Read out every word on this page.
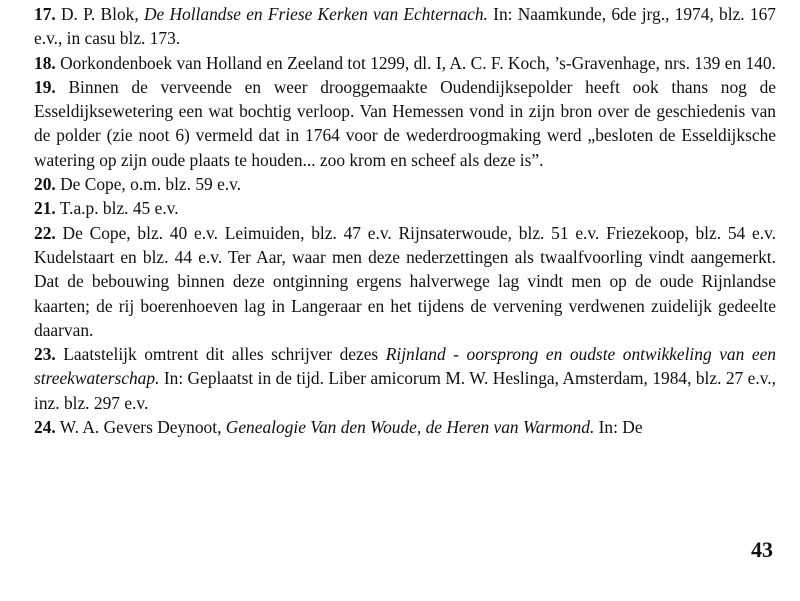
17. D. P. Blok, De Hollandse en Friese Kerken van Echternach. In: Naamkunde, 6de jrg., 1974, blz. 167 e.v., in casu blz. 173.

18. Oorkondenboek van Holland en Zeeland tot 1299, dl. I, A. C. F. Koch, ’s-Gravenhage, nrs. 139 en 140.

19. Binnen de verveende en weer drooggemaakte Oudendijksepolder heeft ook thans nog de Esseldijksewetering een wat bochtig verloop. Van Hemessen vond in zijn bron over de geschiedenis van de polder (zie noot 6) vermeld dat in 1764 voor de wederdroogmaking werd „besloten de Esseldijksche watering op zijn oude plaats te houden... zoo krom en scheef als deze is”.

20. De Cope, o.m. blz. 59 e.v.

21. T.a.p. blz. 45 e.v.

22. De Cope, blz. 40 e.v. Leimuiden, blz. 47 e.v. Rijnsaterwoude, blz. 51 e.v. Friezekoop, blz. 54 e.v. Kudelstaart en blz. 44 e.v. Ter Aar, waar men deze nederzettingen als twaalfvoorling vindt aangemerkt. Dat de bebouwing binnen deze ontginning ergens halverwege lag vindt men op de oude Rijnlandse kaarten; de rij boerenhoeven lag in Langeraar en het tijdens de vervening verdwenen zuidelijk gedeelte daarvan.

23. Laatstelijk omtrent dit alles schrijver dezes Rijnland - oorsprong en oudste ontwikkeling van een streekwaterschap. In: Geplaatst in de tijd. Liber amicorum M. W. Heslinga, Amsterdam, 1984, blz. 27 e.v., inz. blz. 297 e.v.

24. W. A. Gevers Deynoot, Genealogie Van den Woude, de Heren van Warmond. In: De

43
